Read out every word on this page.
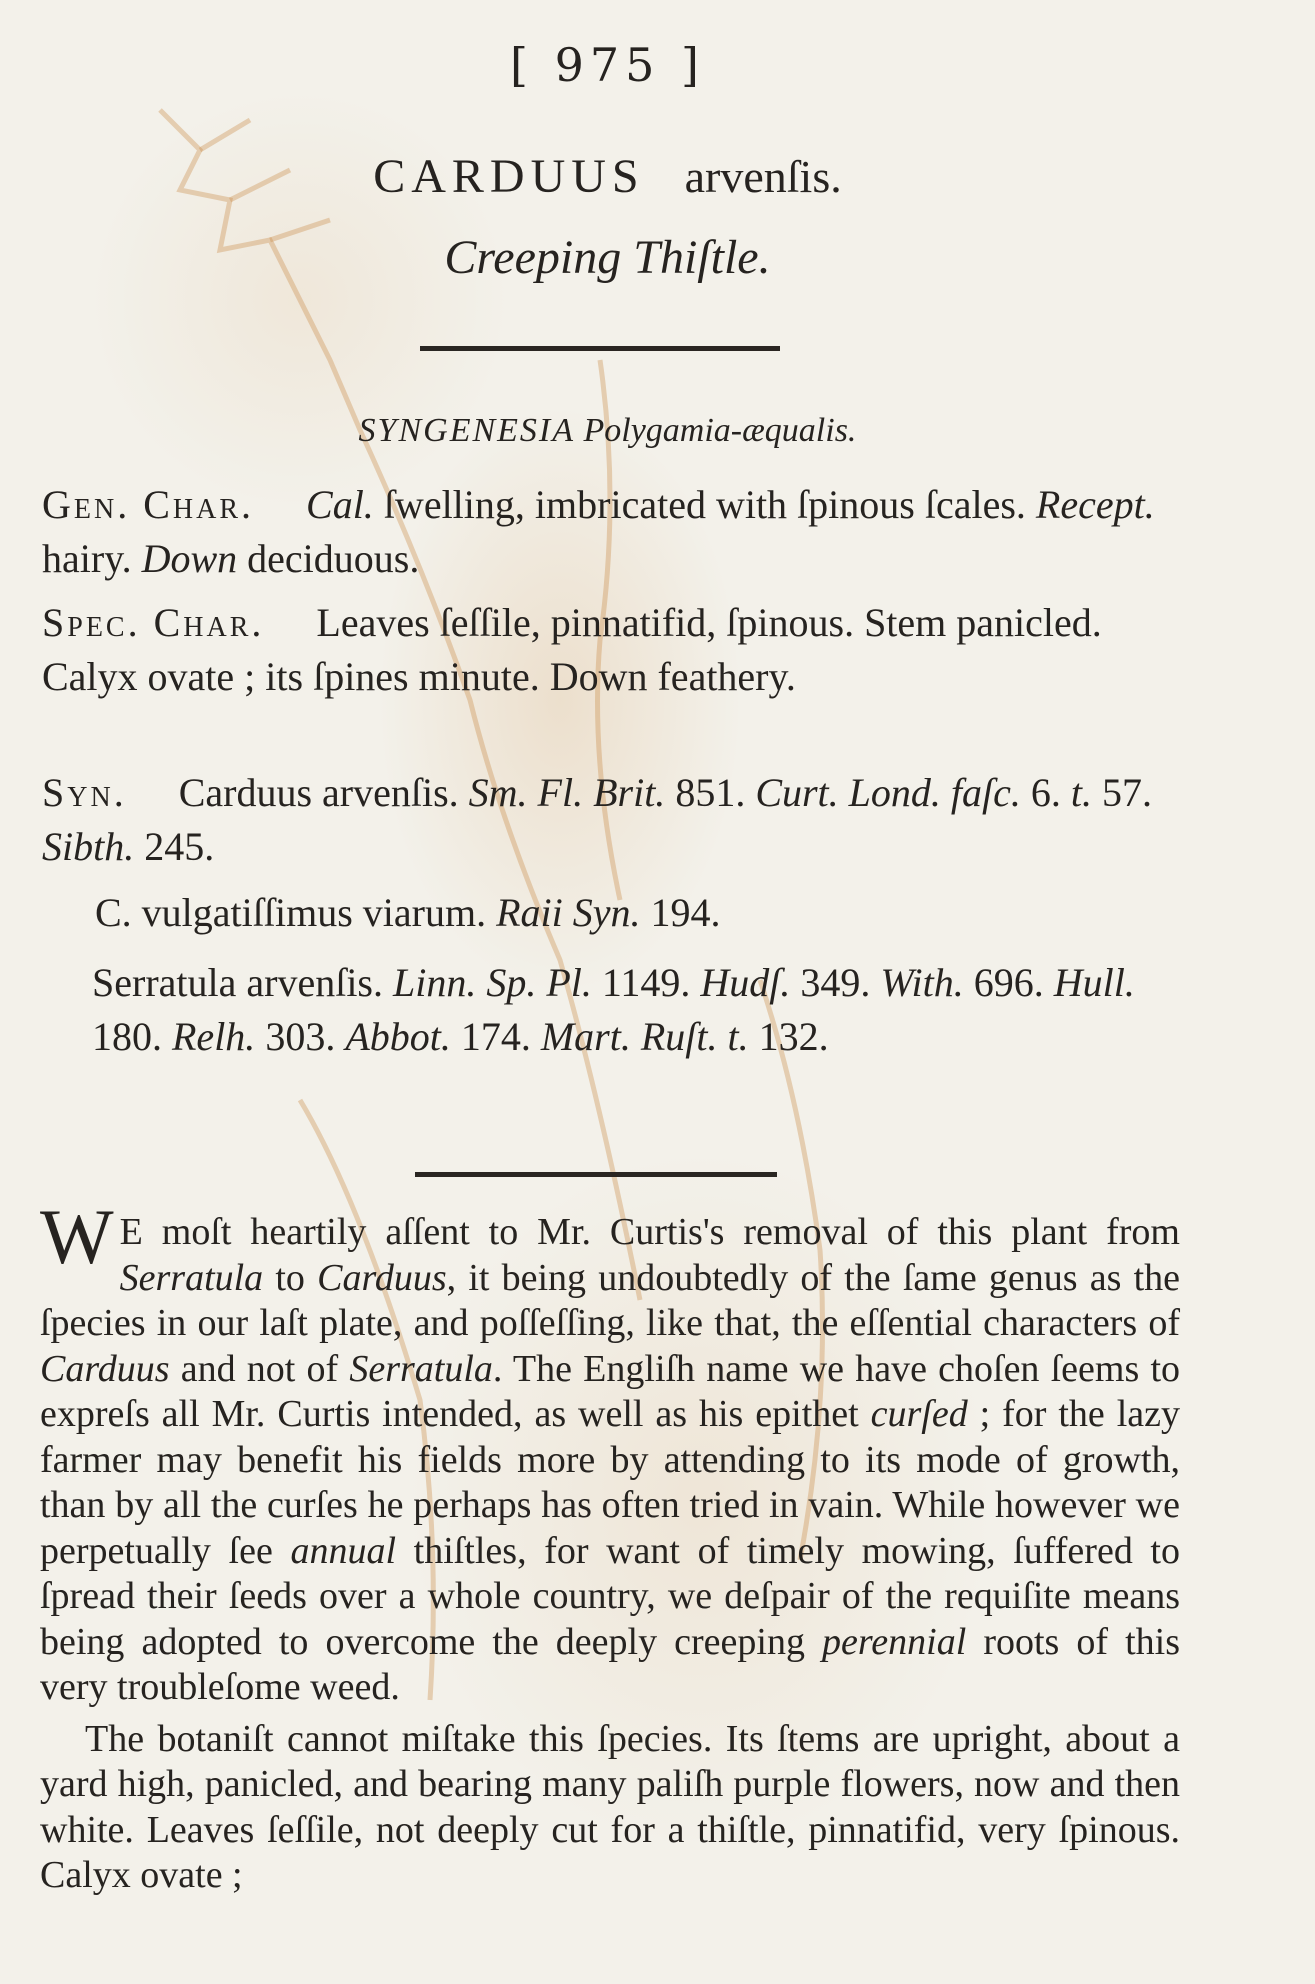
[ 975 ]
CARDUUS arvenſis.
Creeping Thiſtle.
SYNGENESIA Polygamia-æqualis.
Gen. Char. Cal. ſwelling, imbricated with ſpinous ſcales. Recept. hairy. Down deciduous.
Spec. Char. Leaves ſeſſile, pinnatifid, ſpinous. Stem panicled. Calyx ovate ; its ſpines minute. Down feathery.
Syn. Carduus arvenſis. Sm. Fl. Brit. 851. Curt. Lond. faſc. 6. t. 57. Sibth. 245.
C. vulgatiſſimus viarum. Raii Syn. 194.
Serratula arvenſis. Linn. Sp. Pl. 1149. Hudſ. 349. With. 696. Hull. 180. Relh. 303. Abbot. 174. Mart. Ruſt. t. 132.

W E moſt heartily aſſent to Mr. Curtis's removal of this plant from Serratula to Carduus, it being undoubtedly of the ſame genus as the ſpecies in our laſt plate, and poſſeſſing, like that, the eſſential characters of Carduus and not of Serratula. The Engliſh name we have choſen ſeems to expreſs all Mr. Curtis intended, as well as his epithet curſed ; for the lazy farmer may benefit his fields more by attending to its mode of growth, than by all the curſes he perhaps has often tried in vain. While however we perpetually ſee annual thiſtles, for want of timely mowing, ſuffered to ſpread their ſeeds over a whole country, we deſpair of the requiſite means being adopted to overcome the deeply creeping perennial roots of this very troubleſome weed.

The botaniſt cannot miſtake this ſpecies. Its ſtems are upright, about a yard high, panicled, and bearing many paliſh purple flowers, now and then white. Leaves ſeſſile, not deeply cut for a thiſtle, pinnatifid, very ſpinous. Calyx ovate ;
